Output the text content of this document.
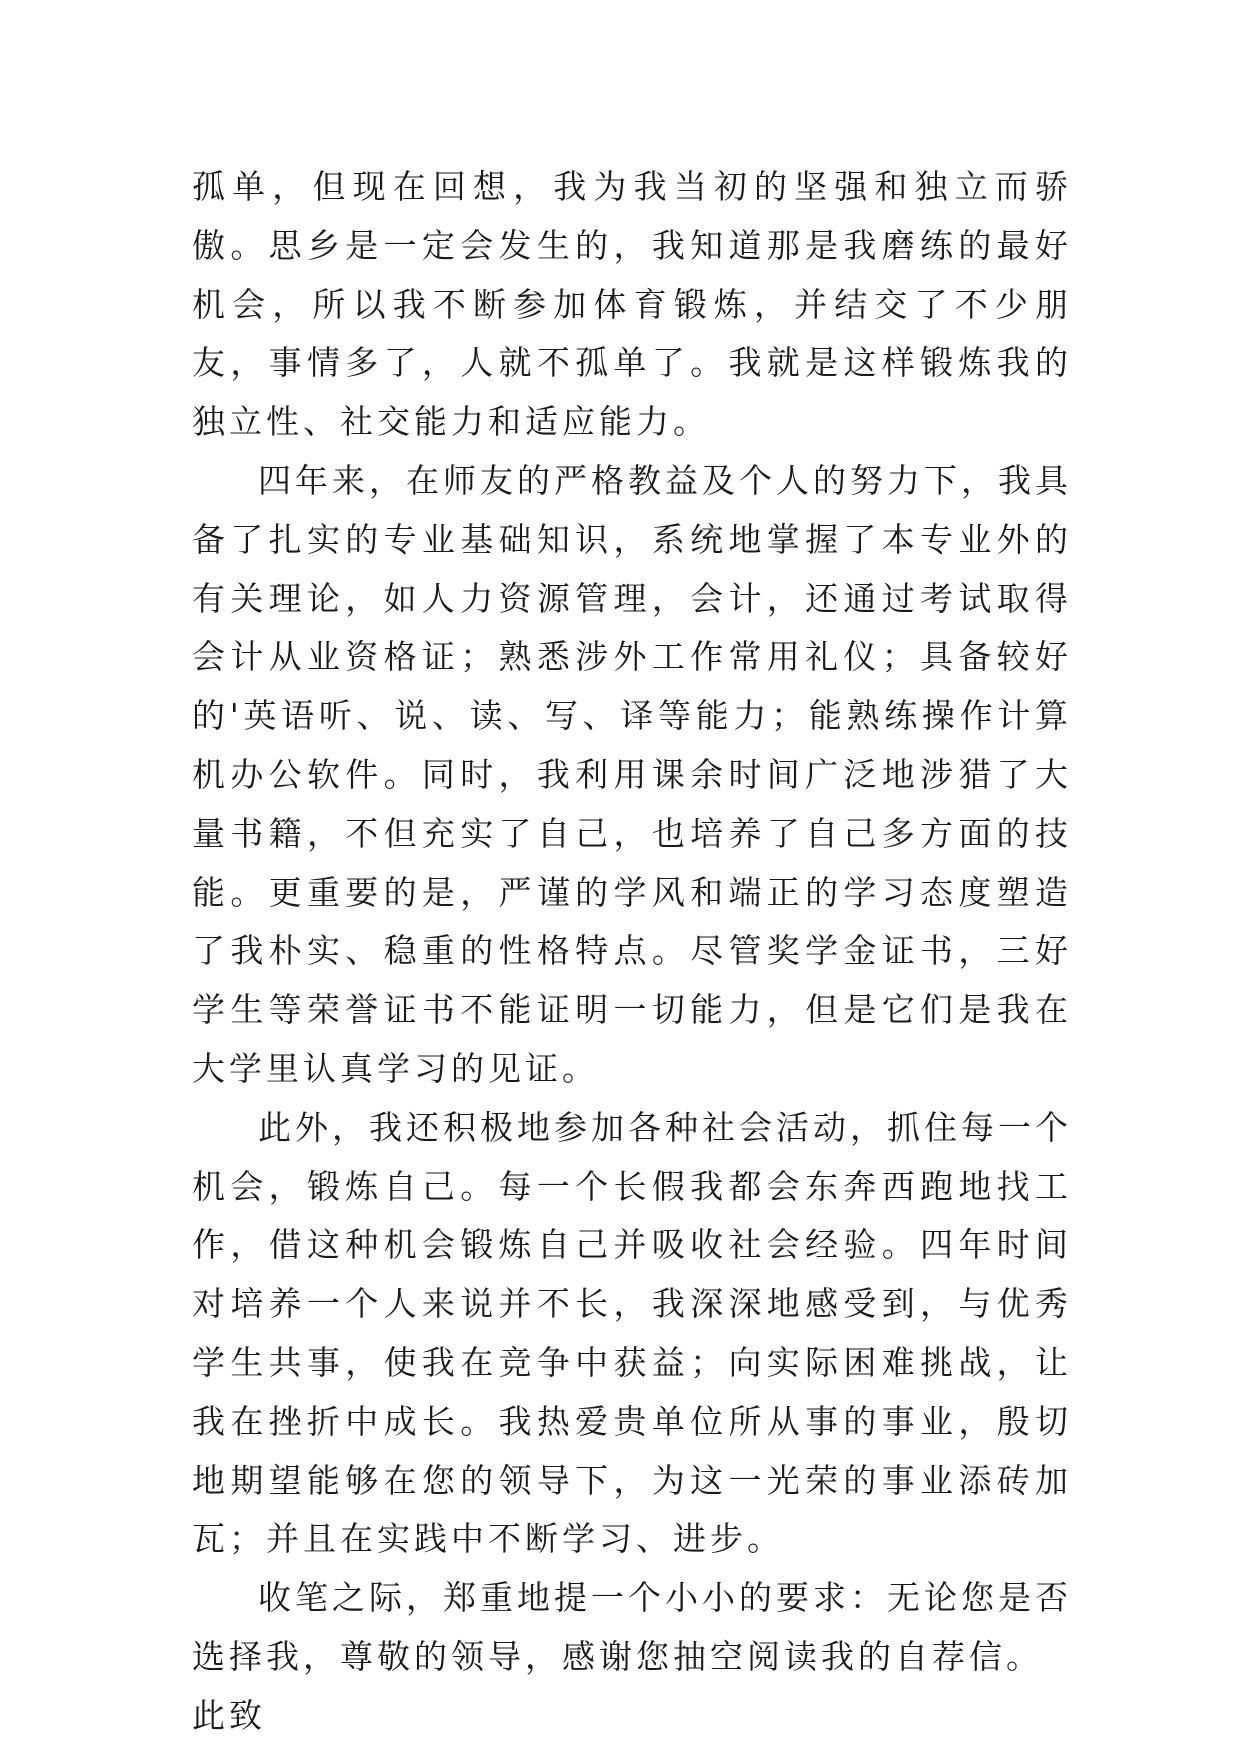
孤单，但现在回想，我为我当初的坚强和独立而骄傲。思乡是一定会发生的，我知道那是我磨练的最好机会，所以我不断参加体育锻炼，并结交了不少朋友，事情多了，人就不孤单了。我就是这样锻炼我的独立性、社交能力和适应能力。

四年来，在师友的严格教益及个人的努力下，我具备了扎实的专业基础知识，系统地掌握了本专业外的有关理论，如人力资源管理，会计，还通过考试取得会计从业资格证；熟悉涉外工作常用礼仪；具备较好的'英语听、说、读、写、译等能力；能熟练操作计算机办公软件。同时，我利用课余时间广泛地涉猎了大量书籍，不但充实了自己，也培养了自己多方面的技能。更重要的是，严谨的学风和端正的学习态度塑造了我朴实、稳重的性格特点。尽管奖学金证书，三好学生等荣誉证书不能证明一切能力，但是它们是我在大学里认真学习的见证。

此外，我还积极地参加各种社会活动，抓住每一个机会，锻炼自己。每一个长假我都会东奔西跑地找工作，借这种机会锻炼自己并吸收社会经验。四年时间对培养一个人来说并不长，我深深地感受到，与优秀学生共事，使我在竞争中获益；向实际困难挑战，让我在挫折中成长。我热爱贵单位所从事的事业，殷切地期望能够在您的领导下，为这一光荣的事业添砖加瓦；并且在实践中不断学习、进步。

收笔之际，郑重地提一个小小的要求：无论您是否选择我，尊敬的领导，感谢您抽空阅读我的自荐信。

此致
